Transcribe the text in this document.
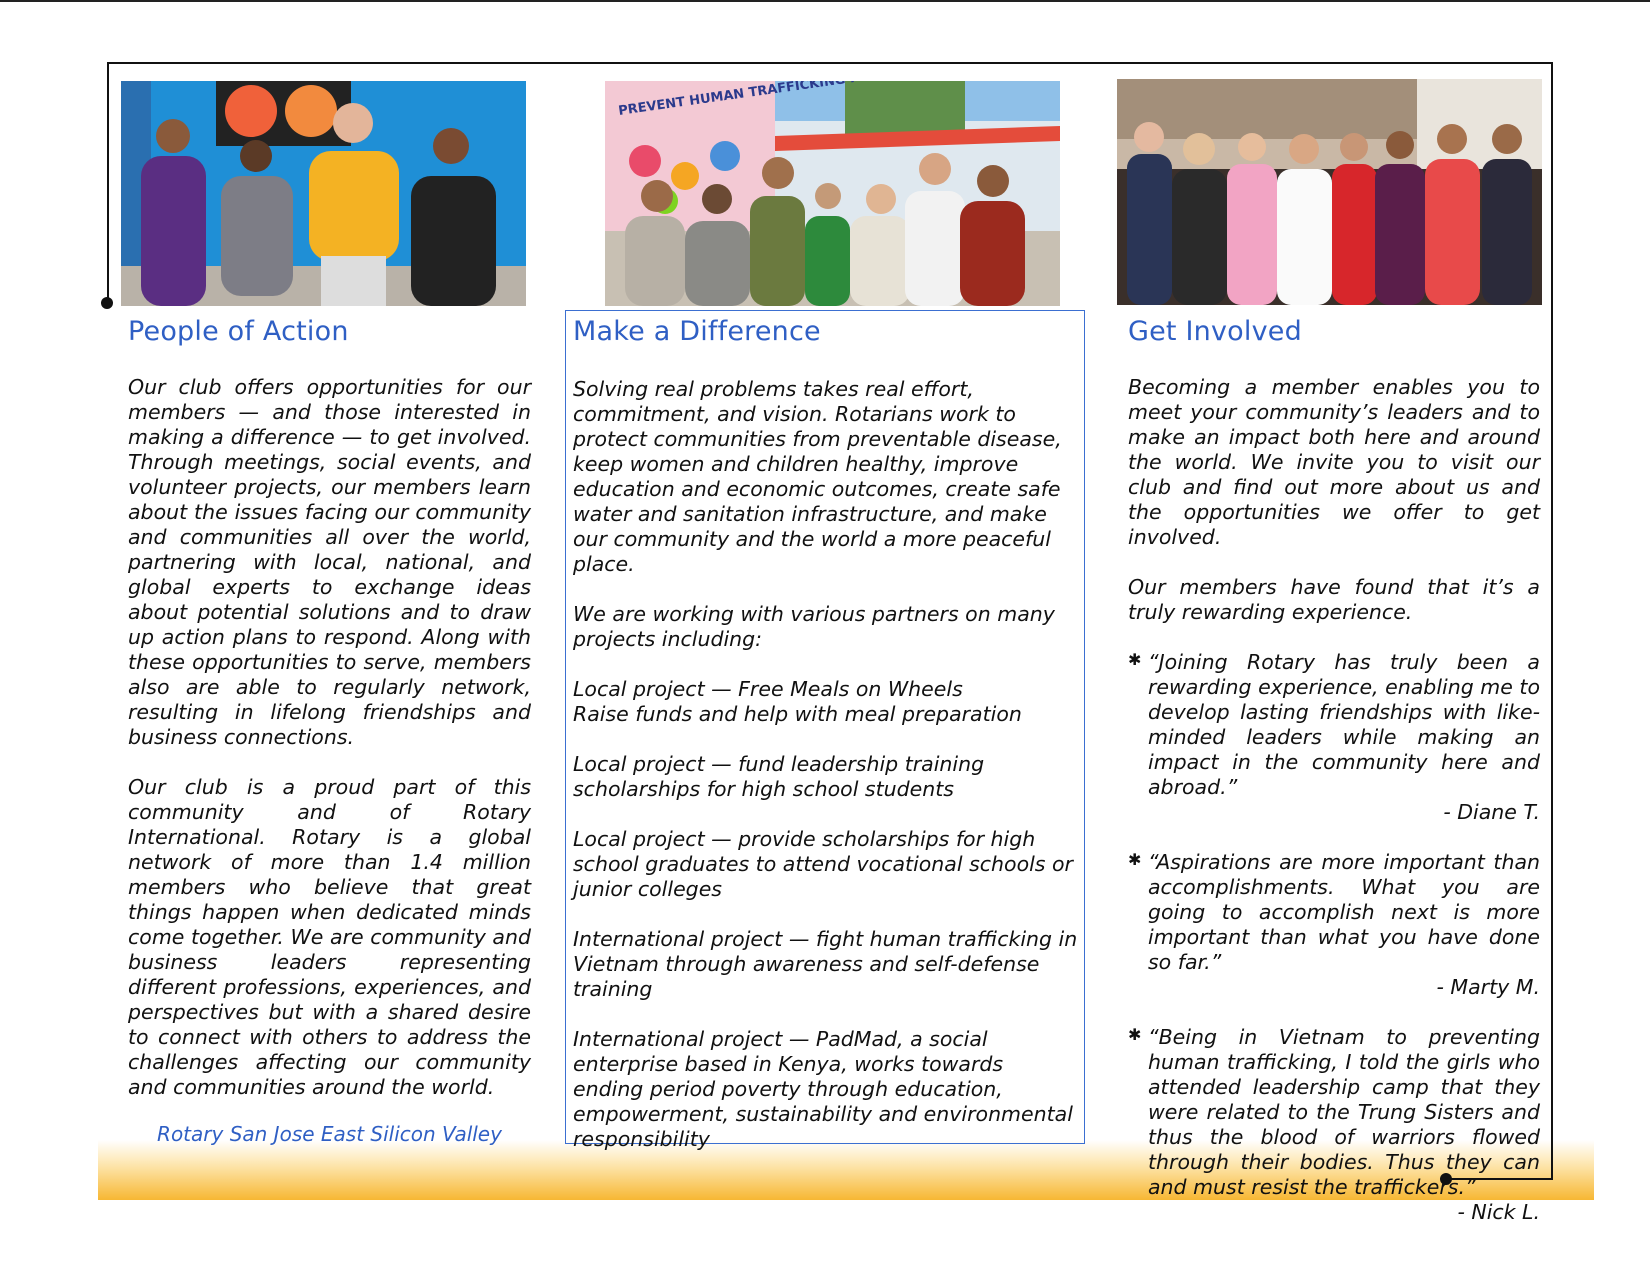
PREVENT HUMAN TRAFFICKING
People of Action

Our club offers opportunities for our members — and those interested in making a difference — to get involved. Through meetings, social events, and volunteer projects, our members learn about the issues facing our community and communities all over the world, partnering with local, national, and global experts to exchange ideas about potential solutions and to draw up action plans to respond. Along with these opportunities to serve, members also are able to regularly network, resulting in lifelong friendships and business connections.

Our club is a proud part of this community and of Rotary International. Rotary is a global network of more than 1.4 million members who believe that great things happen when dedicated minds come together. We are community and business leaders representing different professions, experiences, and perspectives but with a shared desire to connect with others to address the challenges affecting our community and communities around the world.

Rotary San Jose East Silicon Valley
Make a Difference

Solving real problems takes real effort, commitment, and vision. Rotarians work to protect communities from preventable disease, keep women and children healthy, improve education and economic outcomes, create safe water and sanitation infrastructure, and make our community and the world a more peaceful place.

We are working with various partners on many projects including:

Local project — Free Meals on Wheels
Raise funds and help with meal preparation

Local project — fund leadership training scholarships for high school students

Local project — provide scholarships for high school graduates to attend vocational schools or junior colleges

International project — fight human trafficking in Vietnam through awareness and self-defense training

International project — PadMad, a social enterprise based in Kenya, works towards ending period poverty through education, empowerment, sustainability and environmental responsibility

Get Involved

Becoming a member enables you to meet your community’s leaders and to make an impact both here and around the world. We invite you to visit our club and find out more about us and the opportunities we offer to get involved.

Our members have found that it’s a truly rewarding experience.

✱ “Joining Rotary has truly been a rewarding experience, enabling me to develop lasting friendships with like-minded leaders while making an impact in the community here and abroad.”

- Diane T.
✱ “Aspirations are more important than accomplishments. What you are going to accomplish next is more important than what you have done so far.”

- Marty M.
✱ “Being in Vietnam to preventing human trafficking, I told the girls who attended leadership camp that they were related to the Trung Sisters and thus the blood of warriors flowed through their bodies. Thus they can and must resist the traffickers.”

- Nick L.
